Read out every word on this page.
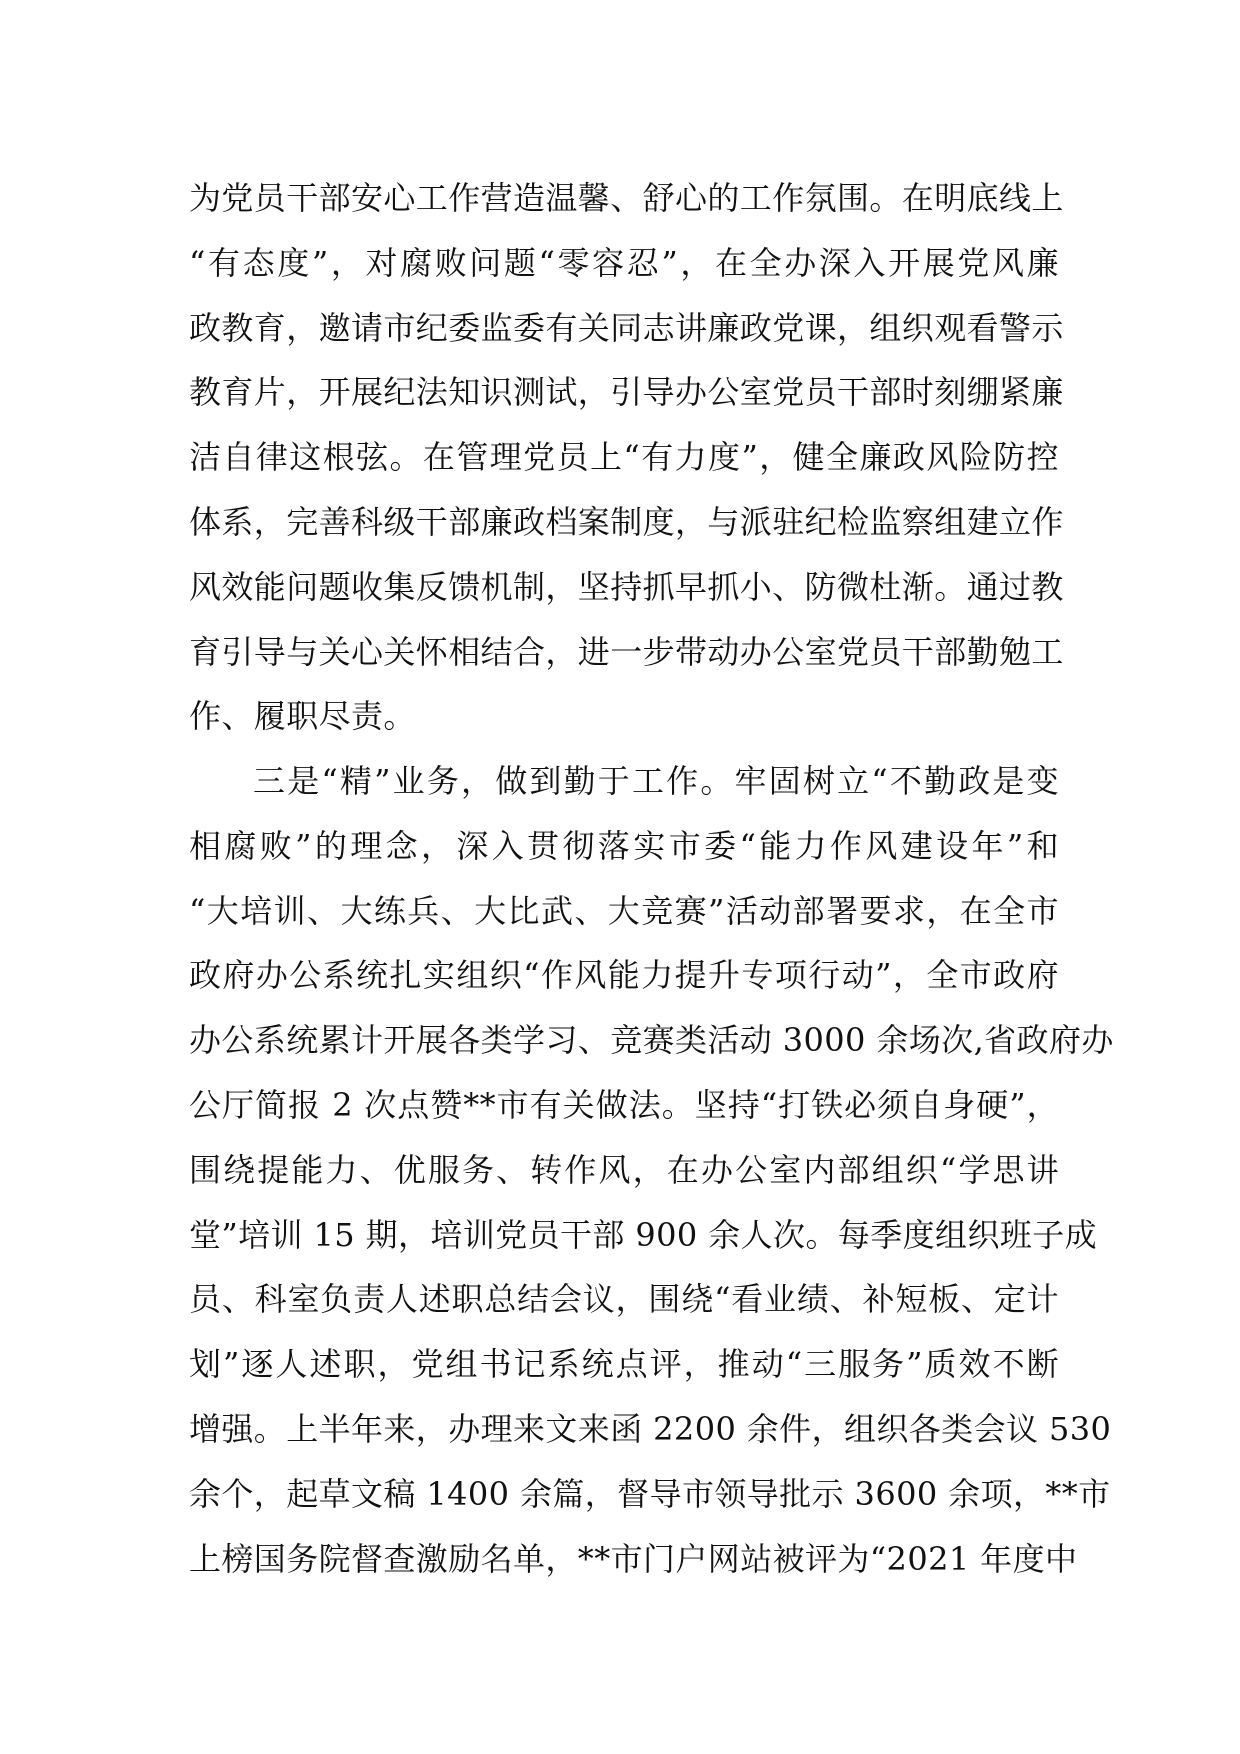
为党员干部安心工作营造温馨、舒心的工作氛围。在明底线上
“有态度”，对腐败问题“零容忍”，在全办深入开展党风廉
政教育，邀请市纪委监委有关同志讲廉政党课，组织观看警示
教育片，开展纪法知识测试，引导办公室党员干部时刻绷紧廉
洁自律这根弦。在管理党员上“有力度”，健全廉政风险防控
体系，完善科级干部廉政档案制度，与派驻纪检监察组建立作
风效能问题收集反馈机制，坚持抓早抓小、防微杜渐。通过教
育引导与关心关怀相结合，进一步带动办公室党员干部勤勉工
作、履职尽责。
三是“精”业务，做到勤于工作。牢固树立“不勤政是变
相腐败”的理念，深入贯彻落实市委“能力作风建设年”和
“大培训、大练兵、大比武、大竞赛”活动部署要求，在全市
政府办公系统扎实组织“作风能力提升专项行动”，全市政府
办公系统累计开展各类学习、竞赛类活动 3000 余场次,省政府办
公厅简报 2 次点赞**市有关做法。坚持“打铁必须自身硬”，
围绕提能力、优服务、转作风，在办公室内部组织“学思讲
堂”培训 15 期，培训党员干部 900 余人次。每季度组织班子成
员、科室负责人述职总结会议，围绕“看业绩、补短板、定计
划”逐人述职，党组书记系统点评，推动“三服务”质效不断
增强。上半年来，办理来文来函 2200 余件，组织各类会议 530
余个，起草文稿 1400 余篇，督导市领导批示 3600 余项，**市
上榜国务院督查激励名单，**市门户网站被评为“2021 年度中
